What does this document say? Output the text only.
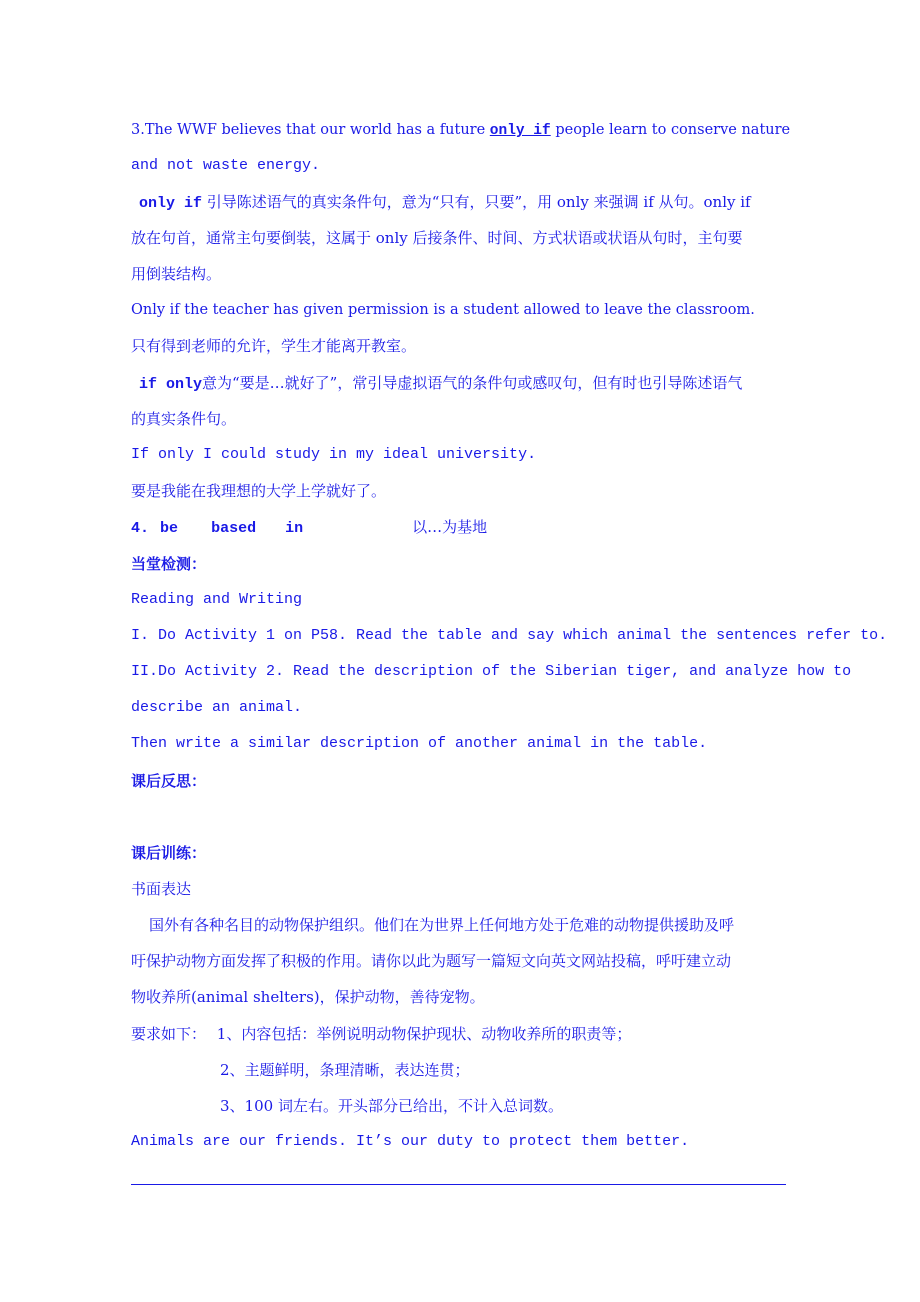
3.The WWF believes that our world has a future only if people learn to conserve nature
and not waste energy.
only if 引导陈述语气的真实条件句，意为“只有，只要”，用 only 来强调 if 从句。only if
放在句首，通常主句要倒装，这属于 only 后接条件、时间、方式状语或状语从句时，主句要
用倒装结构。
Only if the teacher has given permission is a student allowed to leave the classroom.
只有得到老师的允许，学生才能离开教室。
if only意为“要是…就好了”，常引导虚拟语气的条件句或感叹句，但有时也引导陈述语气
的真实条件句。
If only I could study in my ideal university.
要是我能在我理想的大学上学就好了。
4. be based in	以…为基地
当堂检测：
Reading and Writing
I. Do Activity 1 on P58. Read the table and say which animal the sentences refer to.
II.Do Activity 2. Read the description of the Siberian tiger, and analyze how to
describe an animal.
Then write a similar description of another animal in the table.
课后反思：
课后训练：
书面表达
国外有各种名目的动物保护组织。他们在为世界上任何地方处于危难的动物提供援助及呼
吁保护动物方面发挥了积极的作用。请你以此为题写一篇短文向英文网站投稿，呼吁建立动
物收养所(animal shelters)，保护动物，善待宠物。
要求如下： 1、内容包括：举例说明动物保护现状、动物收养所的职责等；
2、主题鲜明，条理清晰，表达连贯；
3、100 词左右。开头部分已给出，不计入总词数。
Animals are our friends. It’s our duty to protect them better.
